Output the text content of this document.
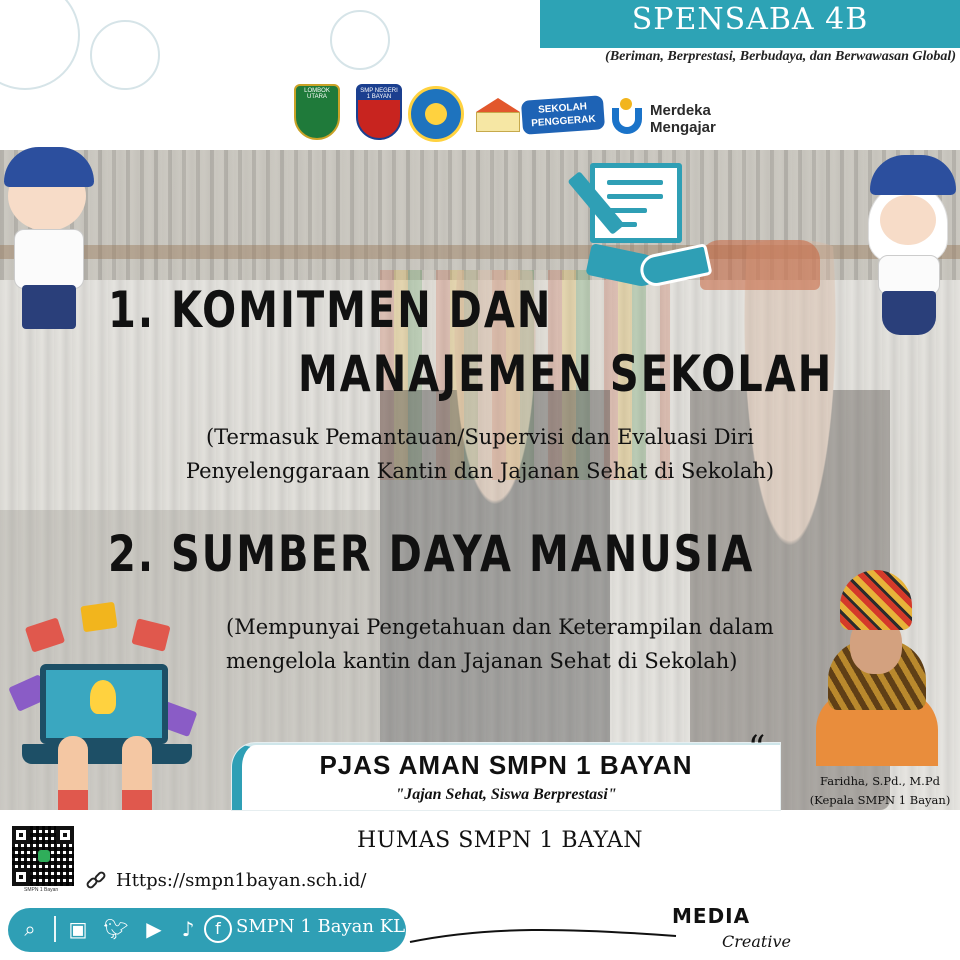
SPENSABA 4B
(Beriman, Berprestasi, Berbudaya, dan Berwawasan Global)
LOMBOK UTARA
SMP NEGERI 1 BAYAN
SEKOLAH
PENGGERAK
Merdeka
Mengajar
1. KOMITMEN DAN
MANAJEMEN SEKOLAH
(Termasuk Pemantauan/Supervisi dan Evaluasi Diri
Penyelenggaraan Kantin dan Jajanan Sehat di Sekolah)
2. SUMBER DAYA MANUSIA
(Mempunyai Pengetahuan dan Keterampilan dalam
mengelola kantin dan Jajanan Sehat di Sekolah)
“
PJAS AMAN SMPN 1 BAYAN
"Jajan Sehat, Siswa Berprestasi"
Faridha, S.Pd., M.Pd
(Kepala SMPN 1 Bayan)
HUMAS SMPN 1 BAYAN
SMPN 1 Bayan	Https://smpn1bayan.sch.id/
⌕	▣ 🐦︎ ▶ ♪	f SMPN 1 Bayan KLU	MEDIA
Creative
